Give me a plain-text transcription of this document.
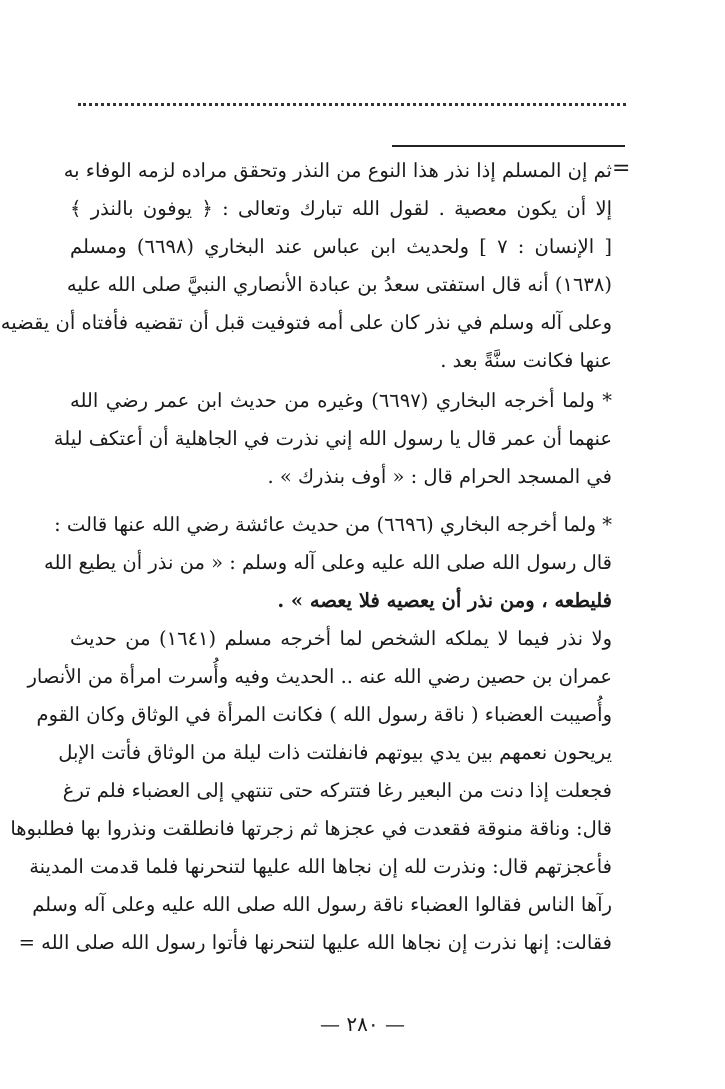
=
ثم إن المسلم إذا نذر هذا النوع من النذر وتحقق مراده لزمه الوفاء به
إلا أن يكون معصية . لقول الله تبارك وتعالى : ﴿ يوفون بالنذر ﴾
[ الإنسان : ٧ ] ولحديث ابن عباس عند البخاري (٦٦٩٨) ومسلم
(١٦٣٨) أنه قال استفتى سعدُ بن عبادة الأنصاري النبيَّ صلى الله عليه
وعلى آله وسلم في نذر كان على أمه فتوفيت قبل أن تقضيه فأفتاه أن يقضيه
عنها فكانت سنَّةً بعد .
* ولما أخرجه البخاري (٦٦٩٧) وغيره من حديث ابن عمر رضي الله
عنهما أن عمر قال يا رسول الله إني نذرت في الجاهلية أن أعتكف ليلة
في المسجد الحرام قال : « أوف بنذرك » .
* ولما أخرجه البخاري (٦٦٩٦) من حديث عائشة رضي الله عنها قالت :
قال رسول الله صلى الله عليه وعلى آله وسلم : « من نذر أن يطيع الله
فليطعه ، ومن نذر أن يعصيه فلا يعصه » .
ولا نذر فيما لا يملكه الشخص لما أخرجه مسلم (١٦٤١) من حديث
عمران بن حصين رضي الله عنه .. الحديث وفيه وأُسرت امرأة من الأنصار
وأُصيبت العضباء ( ناقة رسول الله ) فكانت المرأة في الوثاق وكان القوم
يريحون نعمهم بين يدي بيوتهم فانفلتت ذات ليلة من الوثاق فأتت الإبل
فجعلت إذا دنت من البعير رغا فتتركه حتى تنتهي إلى العضباء فلم ترغ
قال: وناقة منوقة فقعدت في عجزها ثم زجرتها فانطلقت ونذروا بها فطلبوها
فأعجزتهم قال: ونذرت لله إن نجاها الله عليها لتنحرنها فلما قدمت المدينة
رآها الناس فقالوا العضباء ناقة رسول الله صلى الله عليه وعلى آله وسلم
فقالت: إنها نذرت إن نجاها الله عليها لتنحرنها فأتوا رسول الله صلى الله =
— ٢٨٠ —
